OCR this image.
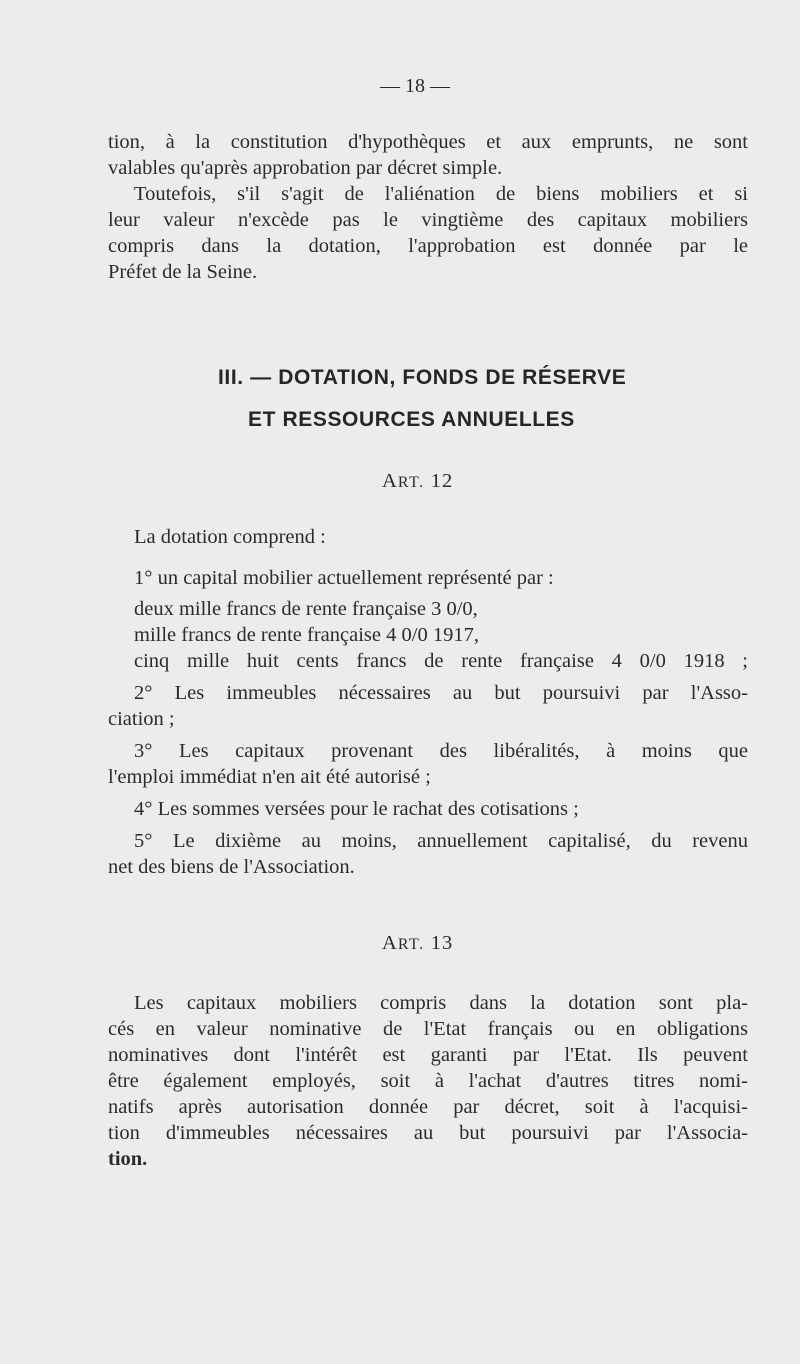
— 18 —
tion, à la constitution d'hypothèques et aux emprunts, ne sont
valables qu'après approbation par décret simple.
Toutefois, s'il s'agit de l'aliénation de biens mobiliers et si
leur valeur n'excède pas le vingtième des capitaux mobiliers
compris dans la dotation, l'approbation est donnée par le
Préfet de la Seine.
III. — DOTATION, FONDS DE RÉSERVE
ET RESSOURCES ANNUELLES
ART. 12
La dotation comprend :
1° un capital mobilier actuellement représenté par :
deux mille francs de rente française 3 0/0,
mille francs de rente française 4 0/0 1917,
cinq mille huit cents francs de rente française 4 0/0 1918 ;
2° Les immeubles nécessaires au but poursuivi par l'Asso-
ciation ;
3° Les capitaux provenant des libéralités, à moins que
l'emploi immédiat n'en ait été autorisé ;
4° Les sommes versées pour le rachat des cotisations ;
5° Le dixième au moins, annuellement capitalisé, du revenu
net des biens de l'Association.
ART. 13
Les capitaux mobiliers compris dans la dotation sont pla-
cés en valeur nominative de l'Etat français ou en obligations
nominatives dont l'intérêt est garanti par l'Etat. Ils peuvent
être également employés, soit à l'achat d'autres titres nomi-
natifs après autorisation donnée par décret, soit à l'acquisi-
tion d'immeubles nécessaires au but poursuivi par l'Associa-
tion.
